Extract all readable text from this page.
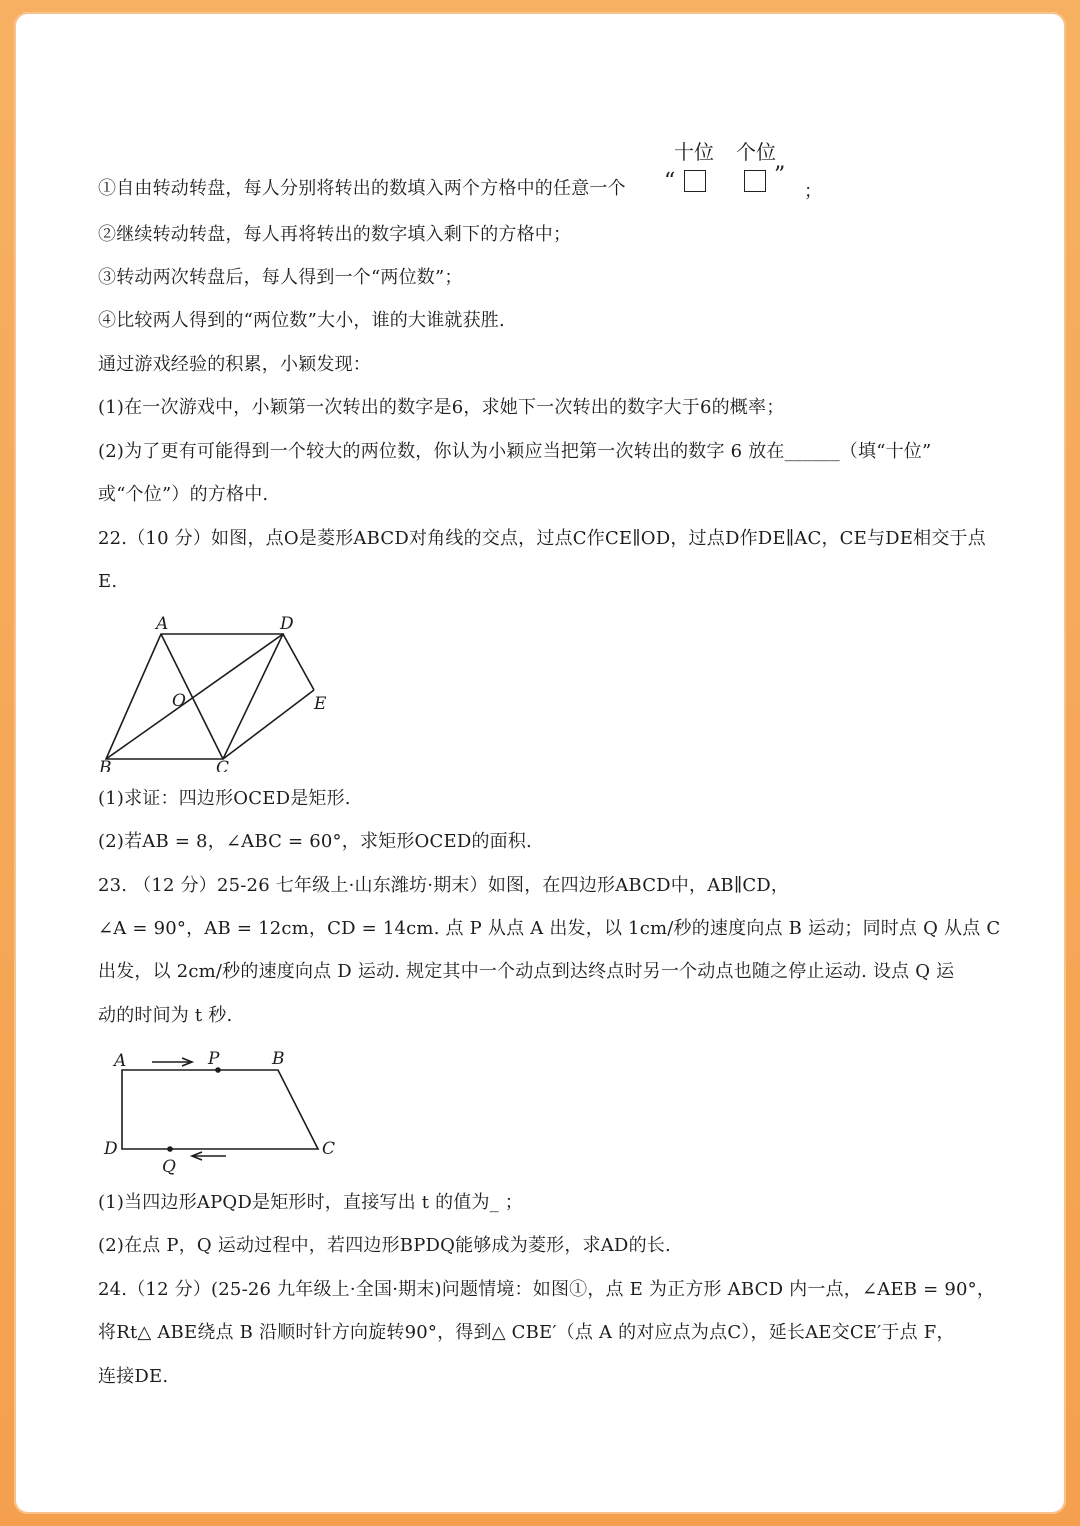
十位 个位
①自由转动转盘，每人分别将转出的数填入两个方格中的任意一个 “	”
；
②继续转动转盘，每人再将转出的数字填入剩下的方格中；
③转动两次转盘后，每人得到一个“两位数”；
④比较两人得到的“两位数”大小，谁的大谁就获胜.
通过游戏经验的积累，小颖发现：
(1)在一次游戏中，小颖第一次转出的数字是6，求她下一次转出的数字大于6的概率；
(2)为了更有可能得到一个较大的两位数，你认为小颖应当把第一次转出的数字 6 放在______（填“十位”
或“个位”）的方格中.
22.（10 分）如图，点O是菱形ABCD对角线的交点，过点C作CE∥OD，过点D作DE∥AC，CE与DE相交于点
E.
A	D
O	E
B	C
(1)求证：四边形OCED是矩形.
(2)若AB = 8，∠ABC = 60°，求矩形OCED的面积.
23. （12 分）25-26 七年级上·山东潍坊·期末）如图，在四边形ABCD中，AB∥CD，
∠A = 90°，AB = 12cm，CD = 14cm. 点 P 从点 A 出发，以 1cm/秒的速度向点 B 运动；同时点 Q 从点 C
出发，以 2cm/秒的速度向点 D 运动. 规定其中一个动点到达终点时另一个动点也随之停止运动. 设点 Q 运
动的时间为 t 秒.
A	P	B
D
Q
C
(1)当四边形APQD是矩形时，直接写出 t 的值为_ ；
(2)在点 P，Q 运动过程中，若四边形BPDQ能够成为菱形，求AD的长.
24.（12 分）(25-26 九年级上·全国·期末)问题情境：如图①，点 E 为正方形 ABCD 内一点，∠AEB = 90°，
将Rt△ ABE绕点 B 沿顺时针方向旋转90°，得到△ CBE′（点 A 的对应点为点C），延长AE交CE′于点 F，
连接DE.
